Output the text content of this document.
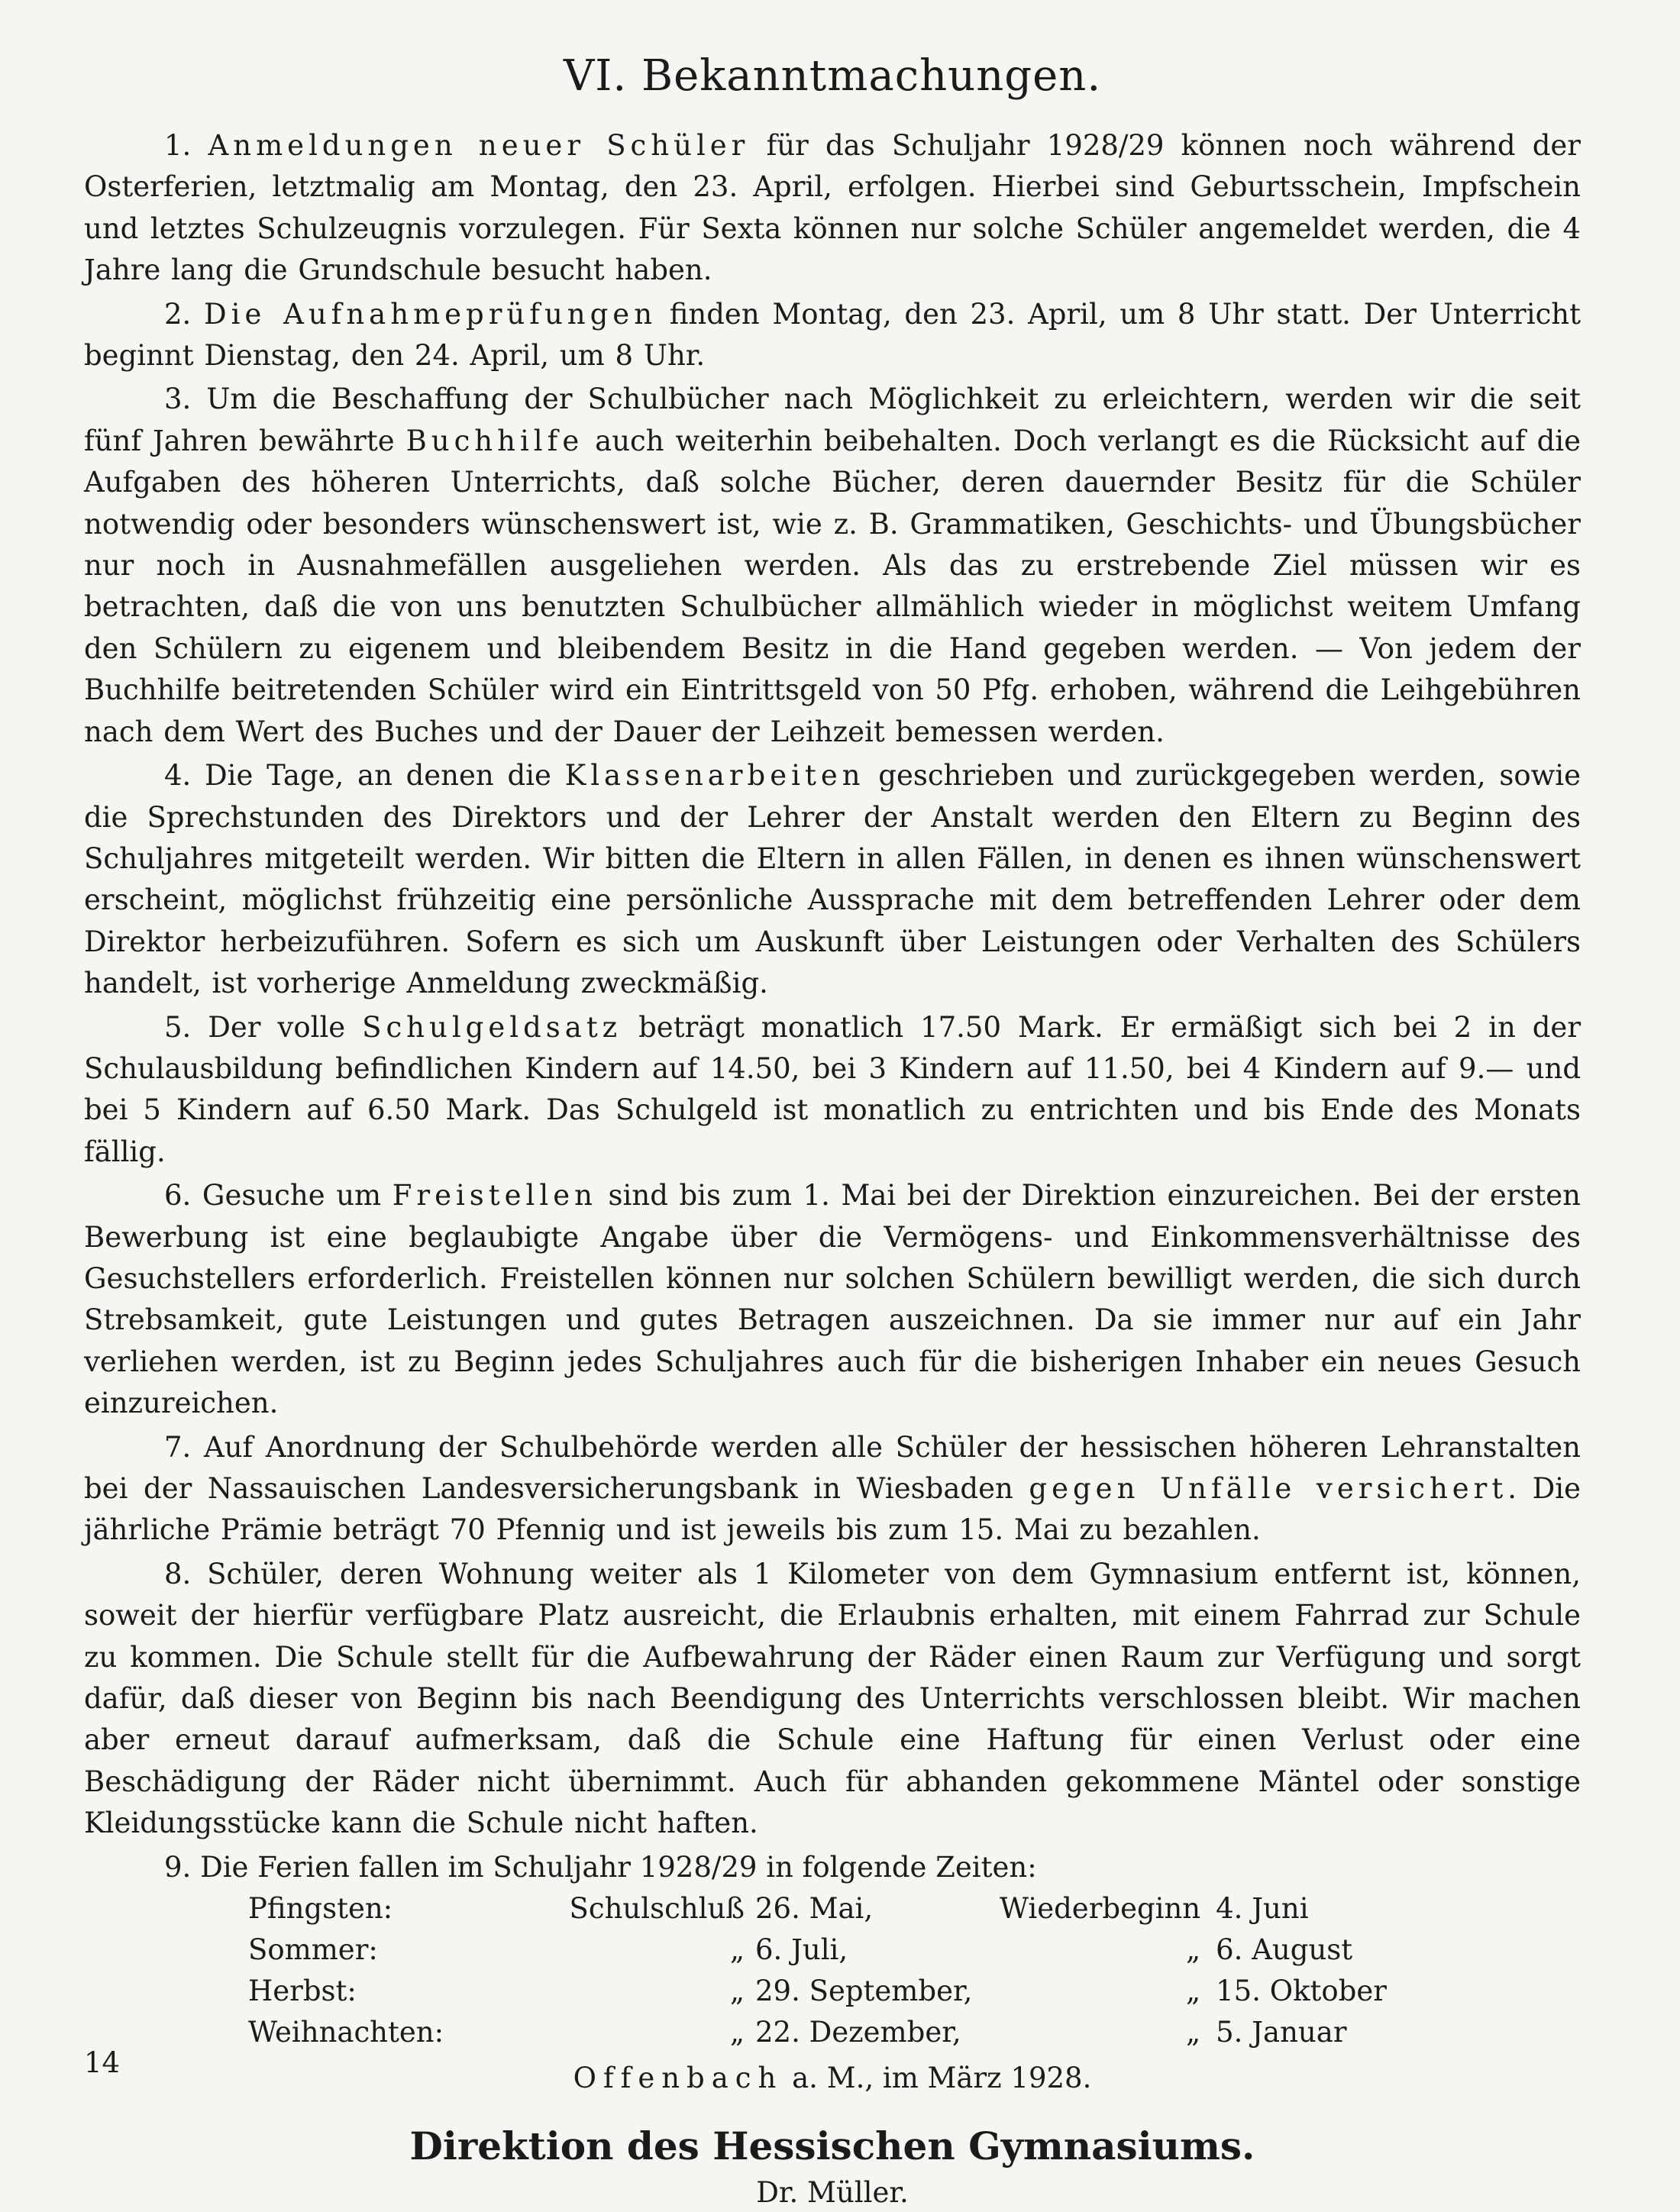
VI. Bekanntmachungen.
1. Anmeldungen neuer Schüler für das Schuljahr 1928/29 können noch während der Osterferien, letztmalig am Montag, den 23. April, erfolgen. Hierbei sind Geburtsschein, Impfschein und letztes Schulzeugnis vorzulegen. Für Sexta können nur solche Schüler angemeldet werden, die 4 Jahre lang die Grundschule besucht haben.
2. Die Aufnahmeprüfungen finden Montag, den 23. April, um 8 Uhr statt. Der Unterricht beginnt Dienstag, den 24. April, um 8 Uhr.
3. Um die Beschaffung der Schulbücher nach Möglichkeit zu erleichtern, werden wir die seit fünf Jahren bewährte Buchhilfe auch weiterhin beibehalten. Doch verlangt es die Rücksicht auf die Aufgaben des höheren Unterrichts, daß solche Bücher, deren dauernder Besitz für die Schüler notwendig oder besonders wünschenswert ist, wie z. B. Grammatiken, Geschichts- und Übungsbücher nur noch in Ausnahmefällen ausgeliehen werden. Als das zu erstrebende Ziel müssen wir es betrachten, daß die von uns benutzten Schulbücher allmählich wieder in möglichst weitem Umfang den Schülern zu eigenem und bleibendem Besitz in die Hand gegeben werden. — Von jedem der Buchhilfe beitretenden Schüler wird ein Eintrittsgeld von 50 Pfg. erhoben, während die Leihgebühren nach dem Wert des Buches und der Dauer der Leihzeit bemessen werden.
4. Die Tage, an denen die Klassenarbeiten geschrieben und zurückgegeben werden, sowie die Sprechstunden des Direktors und der Lehrer der Anstalt werden den Eltern zu Beginn des Schuljahres mitgeteilt werden. Wir bitten die Eltern in allen Fällen, in denen es ihnen wünschenswert erscheint, möglichst frühzeitig eine persönliche Aussprache mit dem betreffenden Lehrer oder dem Direktor herbeizuführen. Sofern es sich um Auskunft über Leistungen oder Verhalten des Schülers handelt, ist vorherige Anmeldung zweckmäßig.
5. Der volle Schulgeldsatz beträgt monatlich 17.50 Mark. Er ermäßigt sich bei 2 in der Schulausbildung befindlichen Kindern auf 14.50, bei 3 Kindern auf 11.50, bei 4 Kindern auf 9.— und bei 5 Kindern auf 6.50 Mark. Das Schulgeld ist monatlich zu entrichten und bis Ende des Monats fällig.
6. Gesuche um Freistellen sind bis zum 1. Mai bei der Direktion einzureichen. Bei der ersten Bewerbung ist eine beglaubigte Angabe über die Vermögens- und Einkommensverhältnisse des Gesuchstellers erforderlich. Freistellen können nur solchen Schülern bewilligt werden, die sich durch Strebsamkeit, gute Leistungen und gutes Betragen auszeichnen. Da sie immer nur auf ein Jahr verliehen werden, ist zu Beginn jedes Schuljahres auch für die bisherigen Inhaber ein neues Gesuch einzureichen.
7. Auf Anordnung der Schulbehörde werden alle Schüler der hessischen höheren Lehranstalten bei der Nassauischen Landesversicherungsbank in Wiesbaden gegen Unfälle versichert. Die jährliche Prämie beträgt 70 Pfennig und ist jeweils bis zum 15. Mai zu bezahlen.
8. Schüler, deren Wohnung weiter als 1 Kilometer von dem Gymnasium entfernt ist, können, soweit der hierfür verfügbare Platz ausreicht, die Erlaubnis erhalten, mit einem Fahrrad zur Schule zu kommen. Die Schule stellt für die Aufbewahrung der Räder einen Raum zur Verfügung und sorgt dafür, daß dieser von Beginn bis nach Beendigung des Unterrichts verschlossen bleibt. Wir machen aber erneut darauf aufmerksam, daß die Schule eine Haftung für einen Verlust oder eine Beschädigung der Räder nicht übernimmt. Auch für abhanden gekommene Mäntel oder sonstige Kleidungsstücke kann die Schule nicht haften.
9. Die Ferien fallen im Schuljahr 1928/29 in folgende Zeiten:
Pfingsten:	Schulschluß	26. Mai,	Wiederbeginn	4. Juni
Sommer:	„	6. Juli,	„	6. August
Herbst:	„	29. September,	„	15. Oktober
Weihnachten:	„	22. Dezember,	„	5. Januar
Offenbach a. M., im März 1928.
Direktion des Hessischen Gymnasiums.
Dr. Müller.
14
